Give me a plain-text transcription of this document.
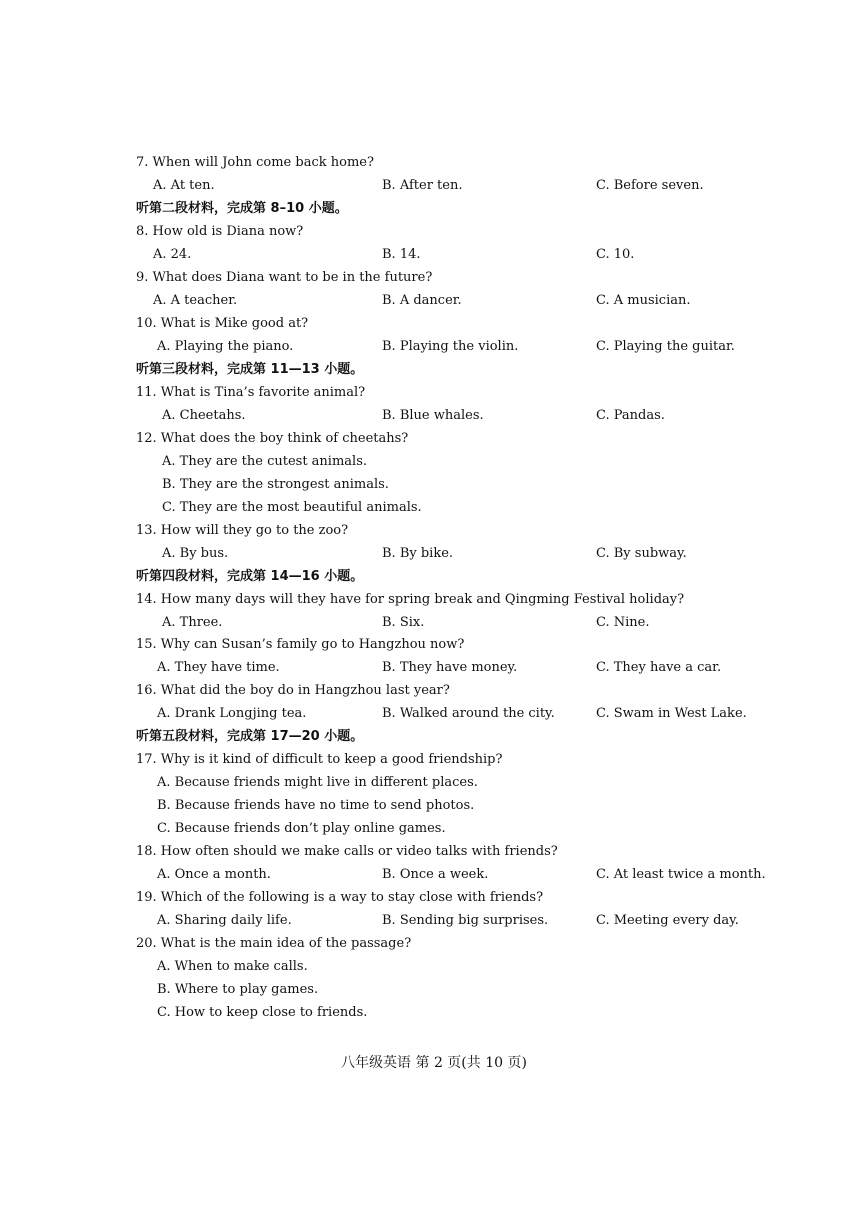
7. When will John come back home?
A. At ten.	B. After ten.	C. Before seven.
听第二段材料，完成第 8–10 小题。
8. How old is Diana now?
A. 24.	B. 14.	C. 10.
9. What does Diana want to be in the future?
A. A teacher.	B. A dancer.	C. A musician.
10. What is Mike good at?
A. Playing the piano.	B. Playing the violin.	C. Playing the guitar.
听第三段材料，完成第 11—13 小题。
11. What is Tina’s favorite animal?
A. Cheetahs.	B. Blue whales.	C. Pandas.
12. What does the boy think of cheetahs?
A. They are the cutest animals.
B. They are the strongest animals.
C. They are the most beautiful animals.
13. How will they go to the zoo?
A. By bus.	B. By bike.	C. By subway.
听第四段材料，完成第 14—16 小题。
14. How many days will they have for spring break and Qingming Festival holiday?
A. Three.	B. Six.	C. Nine.
15. Why can Susan’s family go to Hangzhou now?
A. They have time.	B. They have money.	C. They have a car.
16. What did the boy do in Hangzhou last year?
A. Drank Longjing tea.	B. Walked around the city.	C. Swam in West Lake.
听第五段材料，完成第 17—20 小题。
17. Why is it kind of difficult to keep a good friendship?
A. Because friends might live in different places.
B. Because friends have no time to send photos.
C. Because friends don’t play online games.
18. How often should we make calls or video talks with friends?
A. Once a month.	B. Once a week.	C. At least twice a month.
19. Which of the following is a way to stay close with friends?
A. Sharing daily life.	B. Sending big surprises.	C. Meeting every day.
20. What is the main idea of the passage?
A. When to make calls.
B. Where to play games.
C. How to keep close to friends.
八年级英语 第 2 页(共 10 页)
